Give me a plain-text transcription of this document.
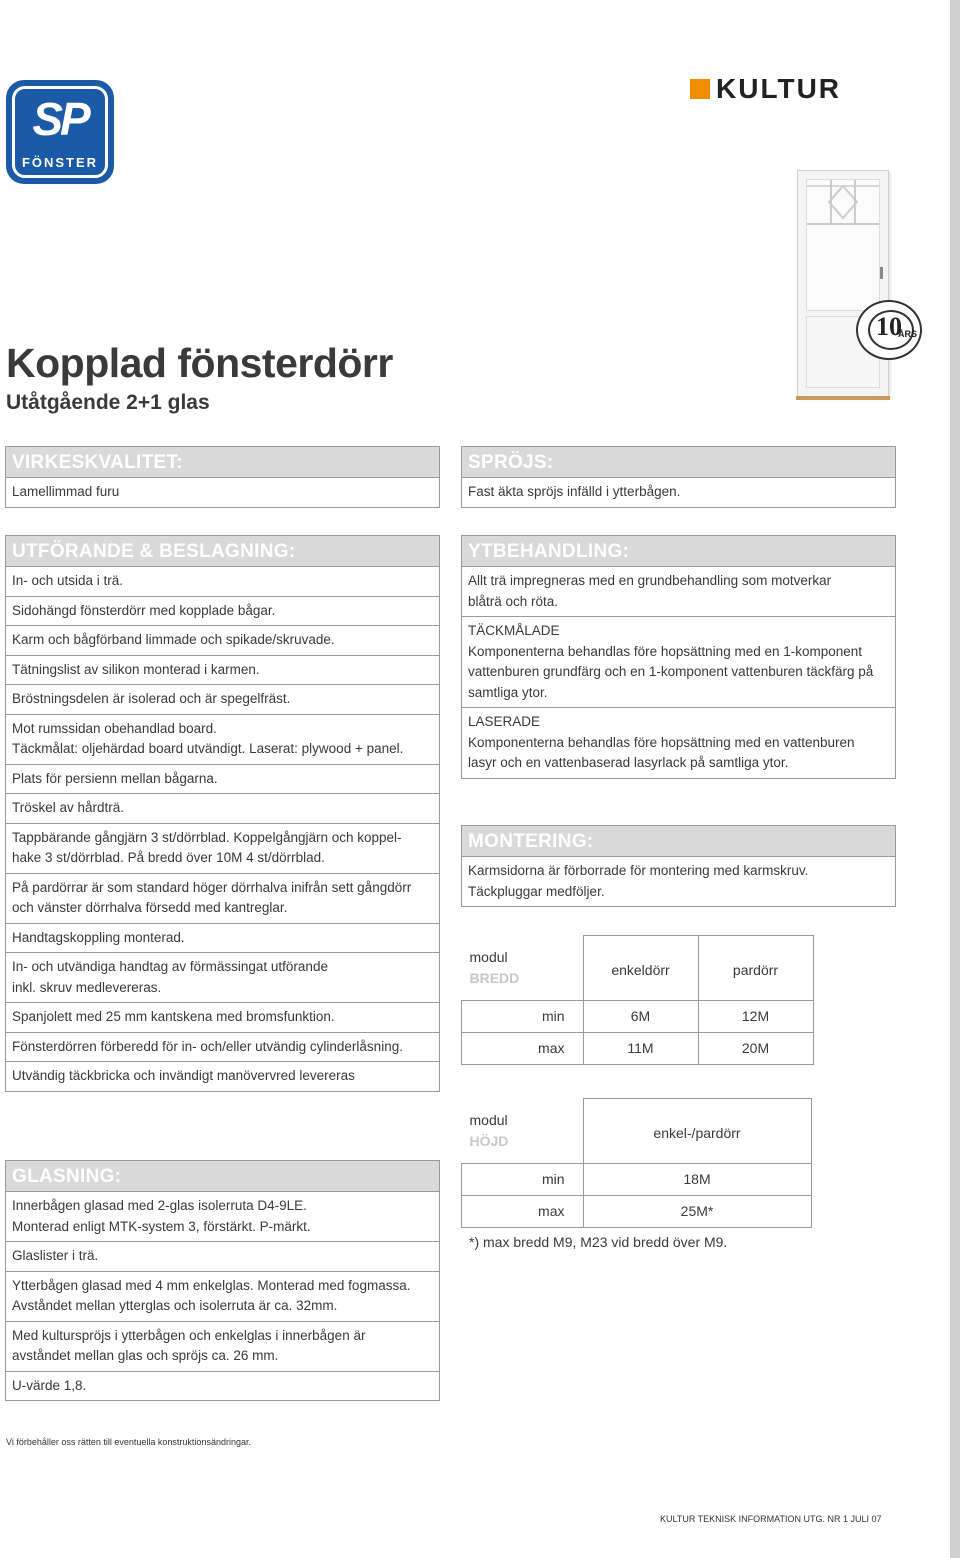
SP
FÖNSTER
KULTUR
10
ÅRS
Kopplad fönsterdörr
Utåtgående 2+1 glas
VIRKESKVALITET:
Lamellimmad furu
UTFÖRANDE & BESLAGNING:
In- och utsida i trä.
Sidohängd fönsterdörr med kopplade bågar.
Karm och bågförband limmade och spikade/skruvade.
Tätningslist av silikon monterad i karmen.
Bröstningsdelen är isolerad och är spegelfräst.
Mot rumssidan obehandlad board.
Täckmålat: oljehärdad board utvändigt. Laserat: plywood + panel.
Plats för persienn mellan bågarna.
Tröskel av hårdträ.
Tappbärande gångjärn 3 st/dörrblad. Koppelgångjärn och koppel-
hake 3 st/dörrblad. På bredd över 10M 4 st/dörrblad.
På pardörrar är som standard höger dörrhalva inifrån sett gångdörr
och vänster dörrhalva försedd med kantreglar.
Handtagskoppling monterad.
In- och utvändiga handtag av förmässingat utförande
inkl. skruv medlevereras.
Spanjolett med 25 mm kantskena med bromsfunktion.
Fönsterdörren förberedd för in- och/eller utvändig cylinderlåsning.
Utvändig täckbricka och invändigt manövervred levereras
GLASNING:
Innerbågen glasad med 2-glas isolerruta D4-9LE.
Monterad enligt MTK-system 3, förstärkt. P-märkt.
Glaslister i trä.
Ytterbågen glasad med 4 mm enkelglas. Monterad med fogmassa.
Avståndet mellan ytterglas och isolerruta är ca. 32mm.
Med kulturspröjs i ytterbågen och enkelglas i innerbågen är
avståndet mellan glas och spröjs ca. 26 mm.
U-värde 1,8.
SPRÖJS:
Fast äkta spröjs infälld i ytterbågen.
YTBEHANDLING:
Allt trä impregneras med en grundbehandling som motverkar
blåträ och röta.
TÄCKMÅLADE
Komponenterna behandlas före hopsättning med en 1-komponent
vattenburen grundfärg och en 1-komponent vattenburen täckfärg på
samtliga ytor.
LASERADE
Komponenterna behandlas före hopsättning med en vattenburen
lasyr och en vattenbaserad lasyrlack på samtliga ytor.
MONTERING:
Karmsidorna är förborrade för montering med karmskruv.
Täckpluggar medföljer.
modul
BREDD	enkeldörr	pardörr
min	6M	12M
max	11M	20M
modul
HÖJD	enkel-/pardörr
min	18M
max	25M*
*) max bredd M9, M23 vid bredd över M9.
Vi förbehåller oss rätten till eventuella konstruktionsändringar.
KULTUR TEKNISK INFORMATION UTG. NR 1 JULI 07
